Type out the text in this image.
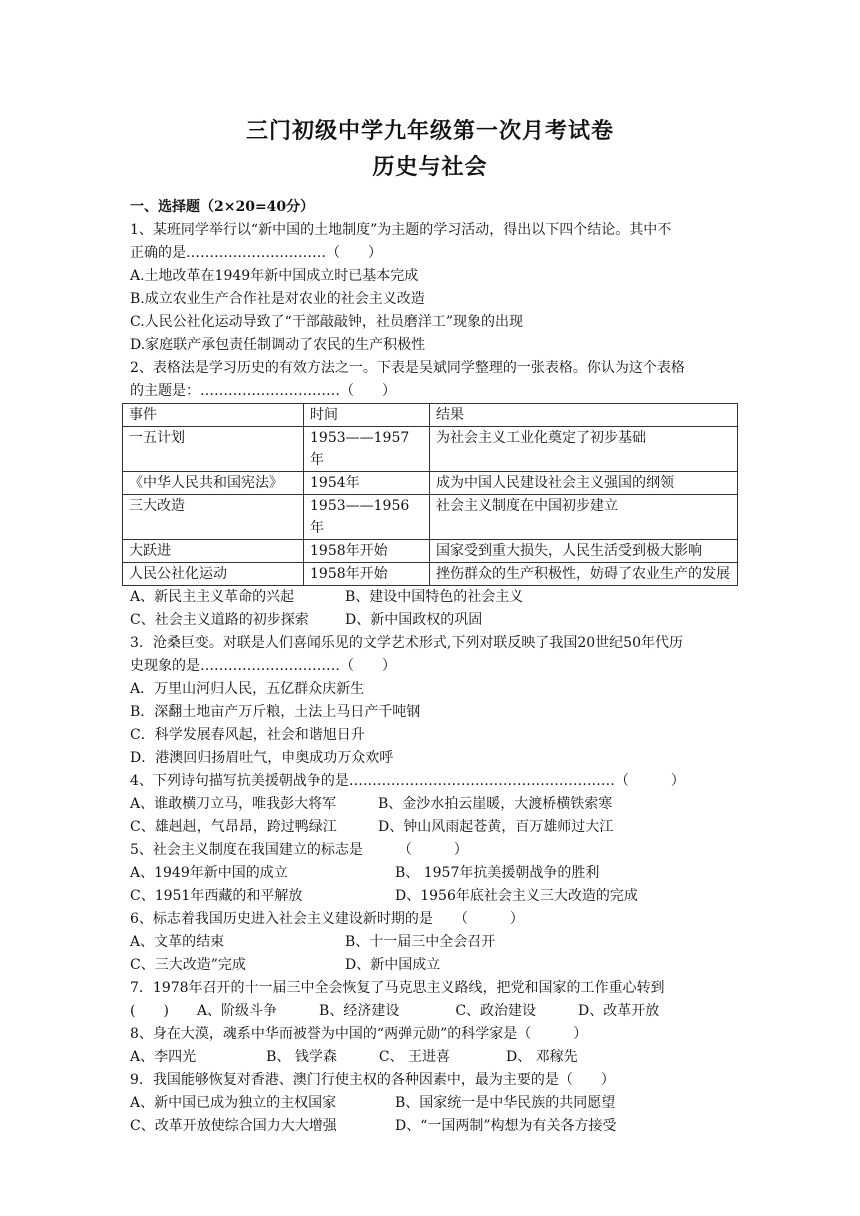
三门初级中学九年级第一次月考试卷
历史与社会
一、选择题（2×20=40分）
1、某班同学举行以“新中国的土地制度”为主题的学习活动，得出以下四个结论。其中不
正确的是…………………………（　　）
A.土地改革在1949年新中国成立时已基本完成
B.成立农业生产合作社是对农业的社会主义改造
C.人民公社化运动导致了“干部敲敲钟，社员磨洋工”现象的出现
D.家庭联产承包责任制调动了农民的生产积极性
2、表格法是学习历史的有效方法之一。下表是吴斌同学整理的一张表格。你认为这个表格
的主题是：…………………………（　　）
事件	时间	结果
一五计划	1953——1957年	为社会主义工业化奠定了初步基础
《中华人民共和国宪法》	1954年	成为中国人民建设社会主义强国的纲领
三大改造	1953——1956年	社会主义制度在中国初步建立
大跃进	1958年开始	国家受到重大损失，人民生活受到极大影响
人民公社化运动	1958年开始	挫伤群众的生产积极性，妨碍了农业生产的发展
A、新民主主义革命的兴起	B、建设中国特色的社会主义
C、社会主义道路的初步探索	D、新中国政权的巩固
3．沧桑巨变。对联是人们喜闻乐见的文学艺术形式,下列对联反映了我国20世纪50年代历
史现象的是…………………………（　　）
A．万里山河归人民，五亿群众庆新生
B．深翻土地亩产万斤粮，土法上马日产千吨钢
C．科学发展春风起，社会和谐旭日升
D．港澳回归扬眉吐气，申奥成功万众欢呼
4、下列诗句描写抗美援朝战争的是…………………………………………………（　　　）
A、谁敢横刀立马，唯我彭大将军	B、金沙水拍云崖暖，大渡桥横铁索寒
C、雄赳赳，气昂昂，跨过鸭绿江	D、钟山风雨起苍黄，百万雄师过大江
5、社会主义制度在我国建立的标志是　　　（　　　）
A、1949年新中国的成立	B、 1957年抗美援朝战争的胜利
C、1951年西藏的和平解放	D、1956年底社会主义三大改造的完成
6、标志着我国历史进入社会主义建设新时期的是　　（　　　）
A、文革的结束	B、十一届三中全会召开
C、三大改造”完成	D、新中国成立
7．1978年召开的十一届三中全会恢复了马克思主义路线，把党和国家的工作重心转到
(　　)　　A、阶级斗争　　　B、经济建设　　　　C、政治建设　　　D、改革开放
8、身在大漠，魂系中华而被誉为中国的“两弹元勋”的科学家是（　　　）
A、李四光　　　　　B、 钱学森　　　C、 王进喜　　　　D、 邓稼先
9．我国能够恢复对香港、澳门行使主权的各种因素中，最为主要的是（　　）
A、新中国已成为独立的主权国家	B、国家统一是中华民族的共同愿望
C、改革开放使综合国力大大增强	D、“一国两制”构想为有关各方接受
